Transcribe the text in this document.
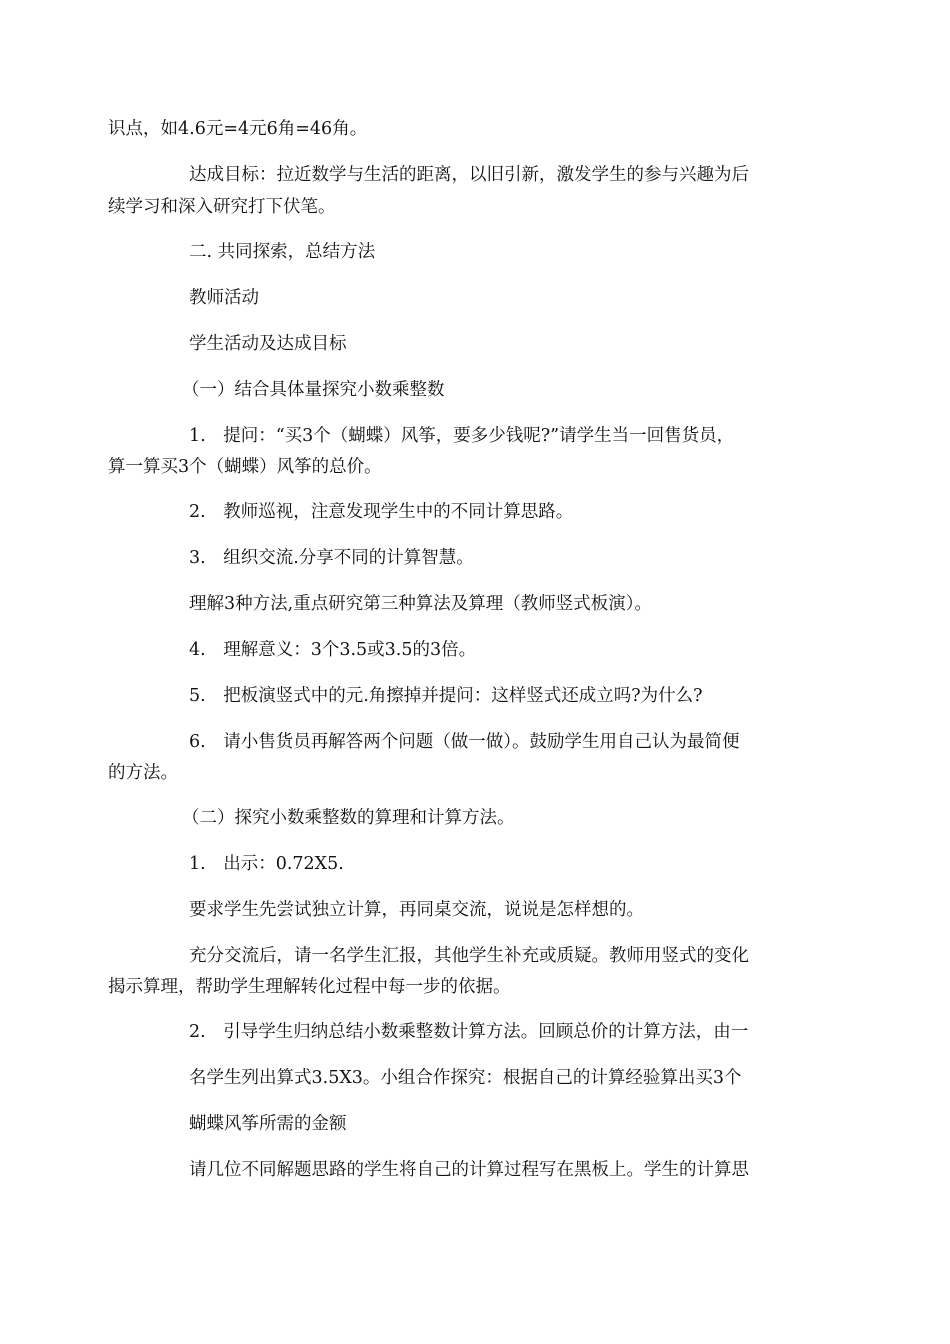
识点，如4.6元=4元6角=46角。
达成目标：拉近数学与生活的距离，以旧引新，激发学生的参与兴趣为后
续学习和深入研究打下伏笔。
二. 共同探索，总结方法
教师活动
学生活动及达成目标
（一）结合具体量探究小数乘整数
1.　提问：“买3个（蝴蝶）风筝，要多少钱呢?”请学生当一回售货员，
算一算买3个（蝴蝶）风筝的总价。
2.　教师巡视，注意发现学生中的不同计算思路。
3.　组织交流.分享不同的计算智慧。
理解3种方法,重点研究第三种算法及算理（教师竖式板演）。
4.　理解意义：3个3.5或3.5的3倍。
5.　把板演竖式中的元.角擦掉并提问：这样竖式还成立吗?为什么?
6.　请小售货员再解答两个问题（做一做）。鼓励学生用自己认为最简便
的方法。
（二）探究小数乘整数的算理和计算方法。
1.　出示：0.72X5.
要求学生先尝试独立计算，再同桌交流，说说是怎样想的。
充分交流后，请一名学生汇报，其他学生补充或质疑。教师用竖式的变化
揭示算理，帮助学生理解转化过程中每一步的依据。
2.　引导学生归纳总结小数乘整数计算方法。回顾总价的计算方法，由一
名学生列出算式3.5X3。小组合作探究：根据自己的计算经验算出买3个
蝴蝶风筝所需的金额
请几位不同解题思路的学生将自己的计算过程写在黑板上。学生的计算思
